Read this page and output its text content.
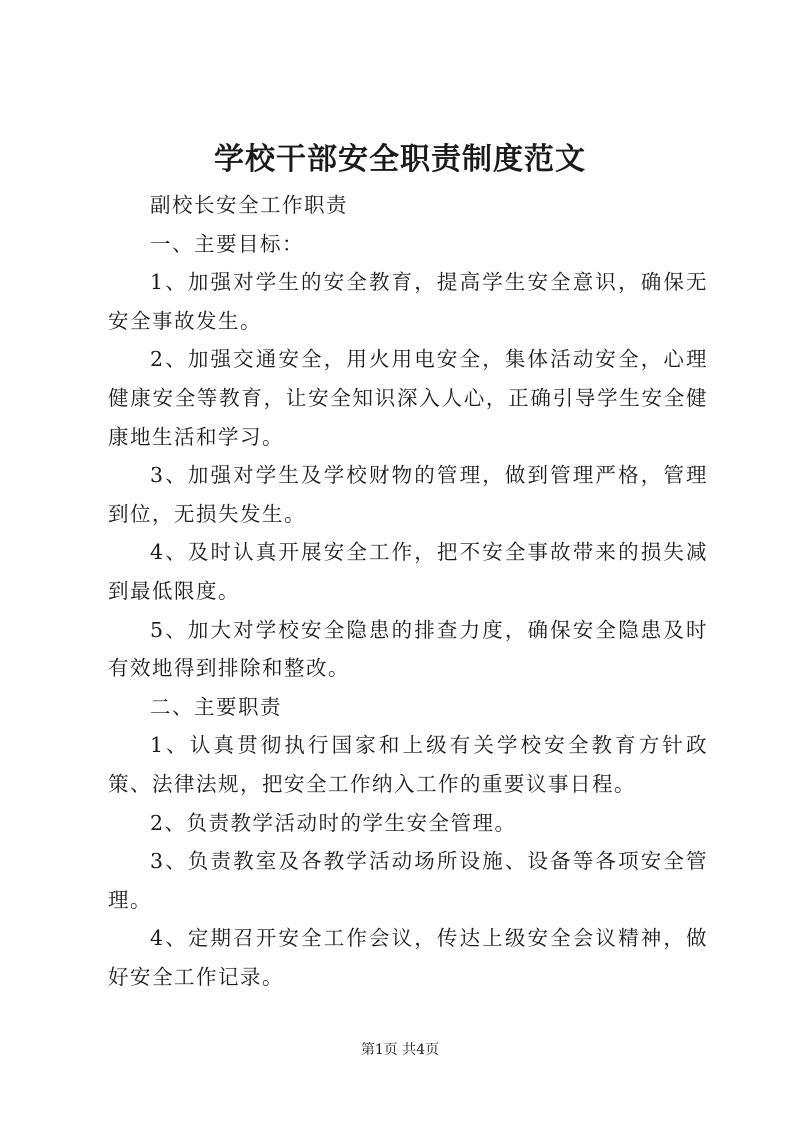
学校干部安全职责制度范文

副校长安全工作职责

一、主要目标：

1、加强对学生的安全教育，提高学生安全意识，确保无安全事故发生。

2、加强交通安全，用火用电安全，集体活动安全，心理健康安全等教育，让安全知识深入人心，正确引导学生安全健康地生活和学习。

3、加强对学生及学校财物的管理，做到管理严格，管理到位，无损失发生。

4、及时认真开展安全工作，把不安全事故带来的损失减到最低限度。

5、加大对学校安全隐患的排查力度，确保安全隐患及时有效地得到排除和整改。

二、主要职责

1、认真贯彻执行国家和上级有关学校安全教育方针政策、法律法规，把安全工作纳入工作的重要议事日程。

2、负责教学活动时的学生安全管理。

3、负责教室及各教学活动场所设施、设备等各项安全管理。

4、定期召开安全工作会议，传达上级安全会议精神，做好安全工作记录。

第1页 共4页
